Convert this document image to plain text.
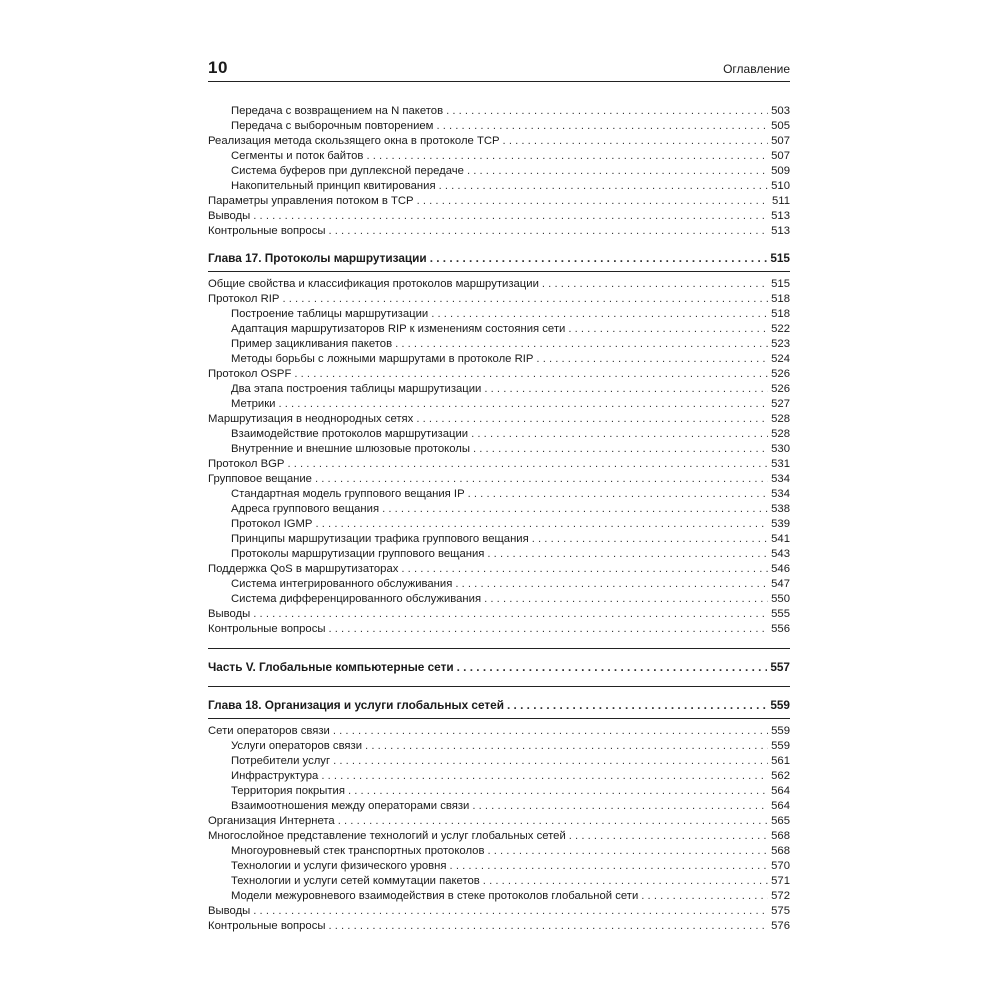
10	Оглавление
Передача с возвращением на N пакетов . . .	503
Передача с выборочным повторением . . .	505
Реализация метода скользящего окна в протоколе TCP . . .	507
Сегменты и поток байтов . . .	507
Система буферов при дуплексной передаче . . .	509
Накопительный принцип квитирования . . .	510
Параметры управления потоком в TCP . . .	511
Выводы . . .	513
Контрольные вопросы . . .	513
Глава 17. Протоколы маршрутизации . . .	515
Общие свойства и классификация протоколов маршрутизации . . .	515
Протокол RIP . . .	518
Построение таблицы маршрутизации . . .	518
Адаптация маршрутизаторов RIP к изменениям состояния сети . . .	522
Пример зацикливания пакетов . . .	523
Методы борьбы с ложными маршрутами в протоколе RIP . . .	524
Протокол OSPF . . .	526
Два этапа построения таблицы маршрутизации . . .	526
Метрики . . .	527
Маршрутизация в неоднородных сетях . . .	528
Взаимодействие протоколов маршрутизации . . .	528
Внутренние и внешние шлюзовые протоколы . . .	530
Протокол BGP . . .	531
Групповое вещание . . .	534
Стандартная модель группового вещания IP . . .	534
Адреса группового вещания . . .	538
Протокол IGMP . . .	539
Принципы маршрутизации трафика группового вещания . . .	541
Протоколы маршрутизации группового вещания . . .	543
Поддержка QoS в маршрутизаторах . . .	546
Система интегрированного обслуживания . . .	547
Система дифференцированного обслуживания . . .	550
Выводы . . .	555
Контрольные вопросы . . .	556
Часть V. Глобальные компьютерные сети . . .	557
Глава 18. Организация и услуги глобальных сетей . . .	559
Сети операторов связи . . .	559
Услуги операторов связи . . .	559
Потребители услуг . . .	561
Инфраструктура . . .	562
Территория покрытия . . .	564
Взаимоотношения между операторами связи . . .	564
Организация Интернета . . .	565
Многослойное представление технологий и услуг глобальных сетей . . .	568
Многоуровневый стек транспортных протоколов . . .	568
Технологии и услуги физического уровня . . .	570
Технологии и услуги сетей коммутации пакетов . . .	571
Модели межуровневого взаимодействия в стеке протоколов глобальной сети . . .	572
Выводы . . .	575
Контрольные вопросы . . .	576
